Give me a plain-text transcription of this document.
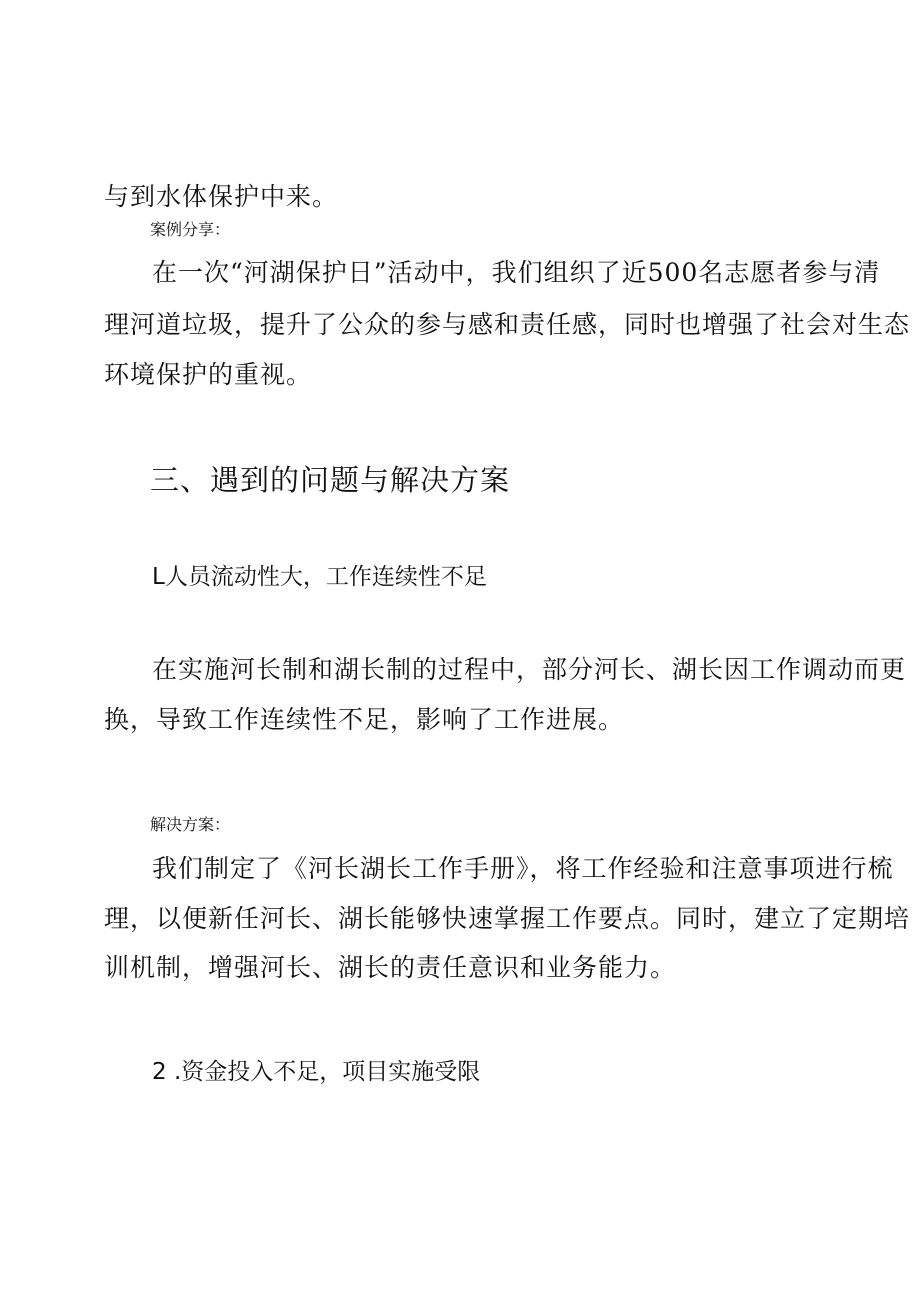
与到水体保护中来。
案例分享：
在一次“河湖保护日”活动中，我们组织了近500名志愿者参与清
理河道垃圾，提升了公众的参与感和责任感，同时也增强了社会对生态
环境保护的重视。
三、遇到的问题与解决方案
L人员流动性大，工作连续性不足
在实施河长制和湖长制的过程中，部分河长、湖长因工作调动而更
换，导致工作连续性不足，影响了工作进展。
解决方案：
我们制定了《河长湖长工作手册》，将工作经验和注意事项进行梳
理，以便新任河长、湖长能够快速掌握工作要点。同时，建立了定期培
训机制，增强河长、湖长的责任意识和业务能力。
2 .资金投入不足，项目实施受限
